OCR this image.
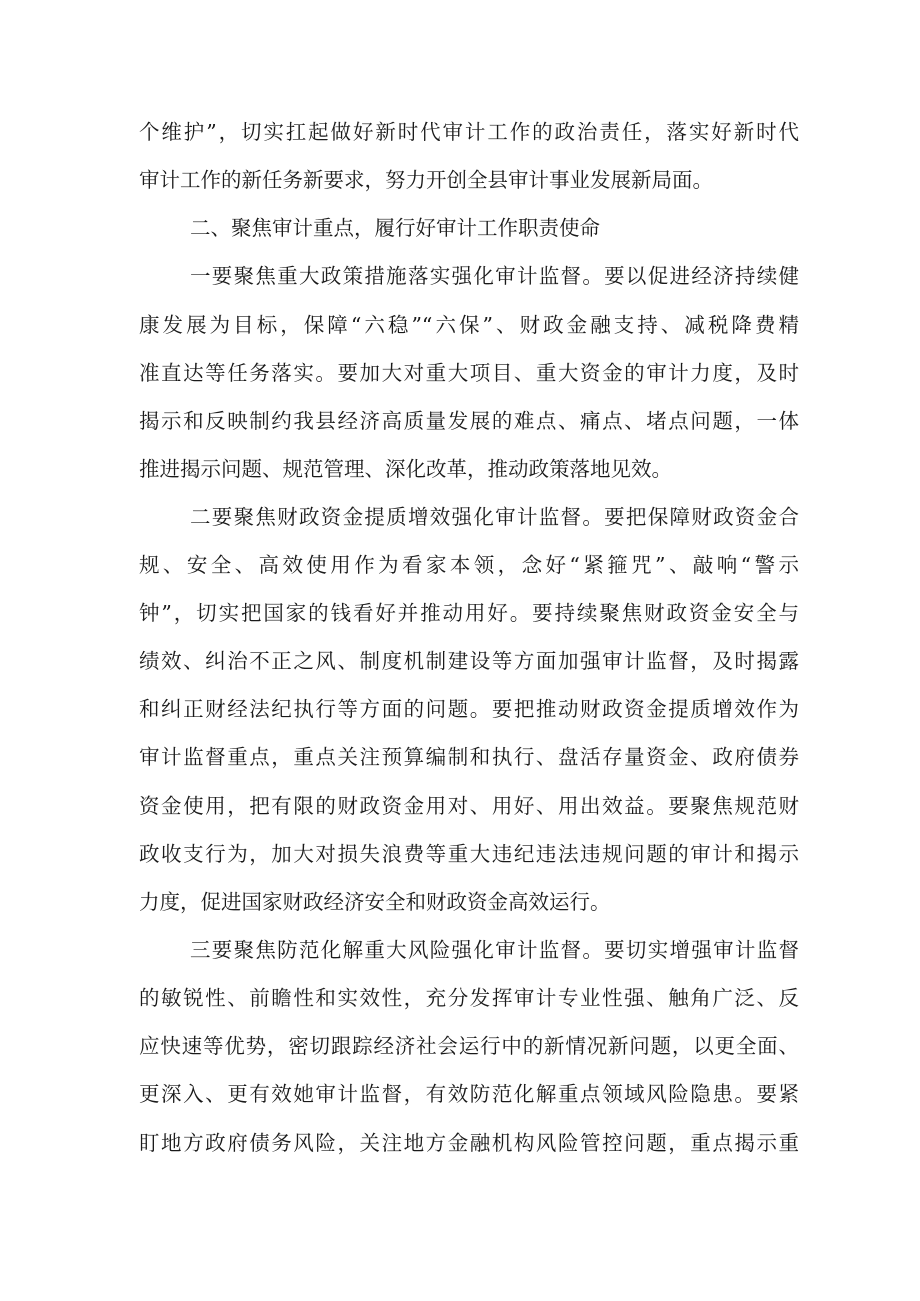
个维护”，切实扛起做好新时代审计工作的政治责任，落实好新时代
审计工作的新任务新要求，努力开创全县审计事业发展新局面。
二、聚焦审计重点，履行好审计工作职责使命
一要聚焦重大政策措施落实强化审计监督。要以促进经济持续健
康发展为目标，保障“六稳”“六保”、财政金融支持、减税降费精
准直达等任务落实。要加大对重大项目、重大资金的审计力度，及时
揭示和反映制约我县经济高质量发展的难点、痛点、堵点问题，一体
推进揭示问题、规范管理、深化改革，推动政策落地见效。
二要聚焦财政资金提质增效强化审计监督。要把保障财政资金合
规、安全、高效使用作为看家本领，念好“紧箍咒”、敲响“警示
钟”，切实把国家的钱看好并推动用好。要持续聚焦财政资金安全与
绩效、纠治不正之风、制度机制建设等方面加强审计监督，及时揭露
和纠正财经法纪执行等方面的问题。要把推动财政资金提质增效作为
审计监督重点，重点关注预算编制和执行、盘活存量资金、政府债券
资金使用，把有限的财政资金用对、用好、用出效益。要聚焦规范财
政收支行为，加大对损失浪费等重大违纪违法违规问题的审计和揭示
力度，促进国家财政经济安全和财政资金高效运行。
三要聚焦防范化解重大风险强化审计监督。要切实增强审计监督
的敏锐性、前瞻性和实效性，充分发挥审计专业性强、触角广泛、反
应快速等优势，密切跟踪经济社会运行中的新情况新问题，以更全面、
更深入、更有效她审计监督，有效防范化解重点领域风险隐患。要紧
盯地方政府债务风险，关注地方金融机构风险管控问题，重点揭示重
